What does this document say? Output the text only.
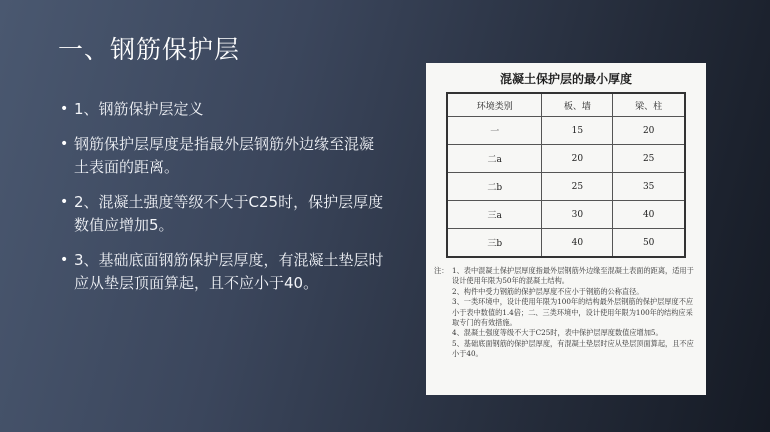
一、钢筋保护层
• 1、钢筋保护层定义
• 钢筋保护层厚度是指最外层钢筋外边缘至混凝土表面的距离。
• 2、混凝土强度等级不大于C25时，保护层厚度数值应增加5。
• 3、基础底面钢筋保护层厚度，有混凝土垫层时应从垫层顶面算起，且不应小于40。
混凝土保护层的最小厚度
环境类别	板、墙	梁、柱
一	15	20
二a	20	25
二b	25	35
三a	30	40
三b	40	50
注： 1、表中混凝土保护层厚度指最外层钢筋外边缘至混凝土表面的距离，适用于设计使用年限为50年的混凝土结构。
2、构件中受力钢筋的保护层厚度不应小于钢筋的公称直径。
3、一类环境中，设计使用年限为100年的结构最外层钢筋的保护层厚度不应小于表中数值的1.4倍；二、三类环境中，设计使用年限为100年的结构应采取专门的有效措施。
4、混凝土强度等级不大于C25时，表中保护层厚度数值应增加5。
5、基础底面钢筋的保护层厚度，有混凝土垫层时应从垫层顶面算起，且不应小于40。
